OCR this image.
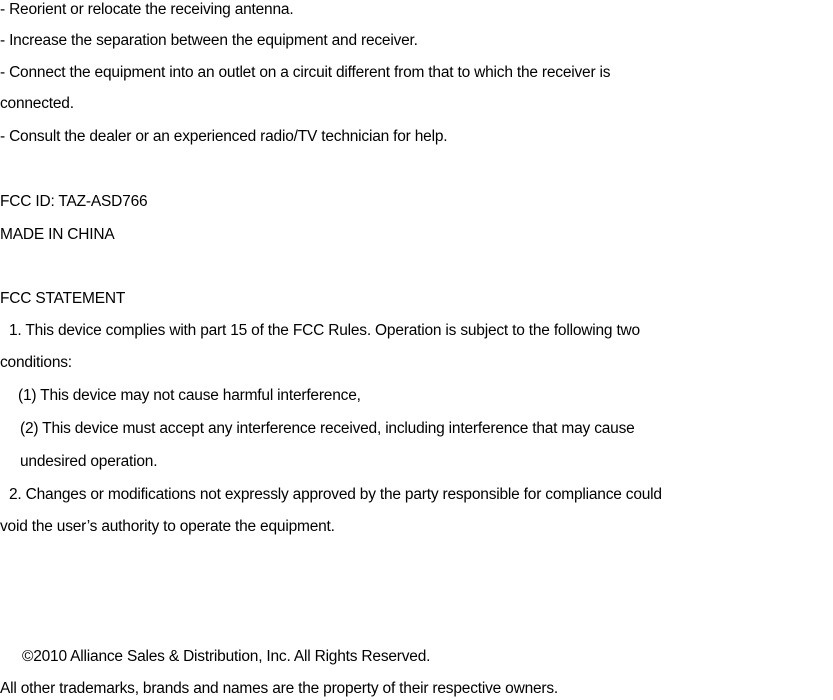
- Reorient or relocate the receiving antenna.
- Increase the separation between the equipment and receiver.
- Connect the equipment into an outlet on a circuit different from that to which the receiver is
connected.
- Consult the dealer or an experienced radio/TV technician for help.
FCC ID: TAZ-ASD766
MADE IN CHINA
FCC STATEMENT
1. This device complies with part 15 of the FCC Rules. Operation is subject to the following two
conditions:
(1) This device may not cause harmful interference,
(2) This device must accept any interference received, including interference that may cause
undesired operation.
2. Changes or modifications not expressly approved by the party responsible for compliance could
void the user’s authority to operate the equipment.
©2010 Alliance Sales & Distribution, Inc. All Rights Reserved.
All other trademarks, brands and names are the property of their respective owners.
